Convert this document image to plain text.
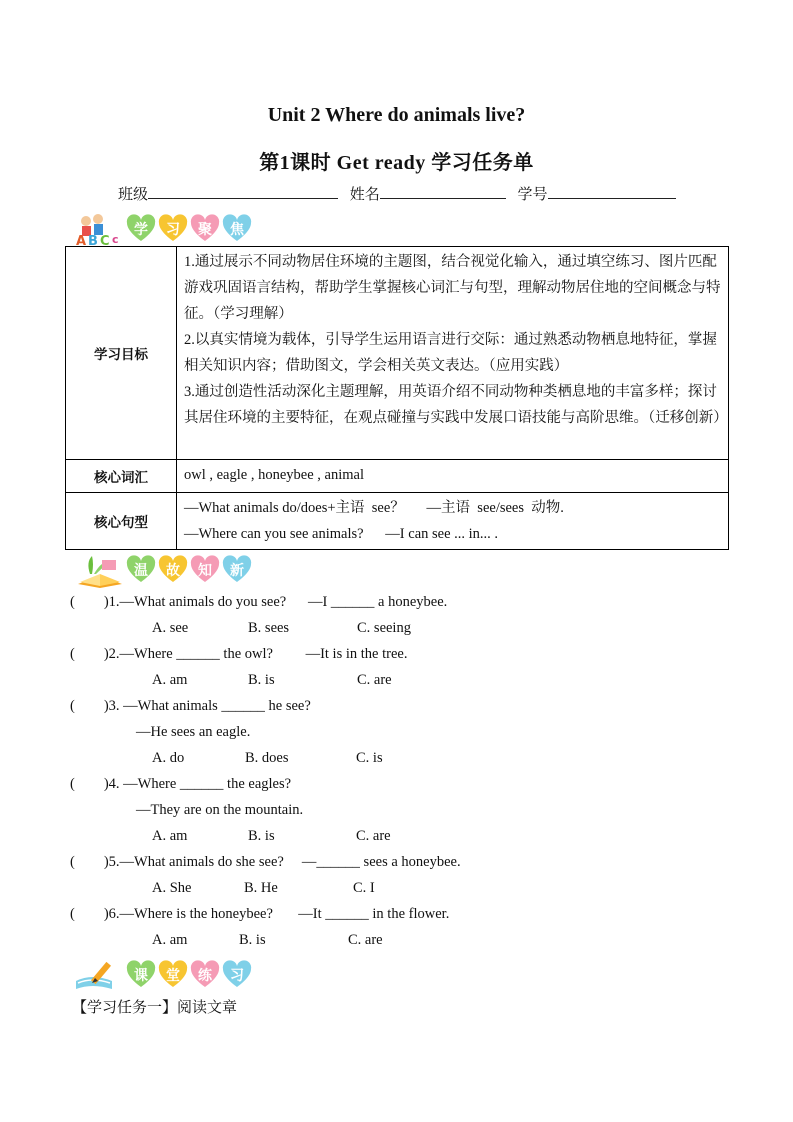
Unit 2 Where do animals live?
第1课时 Get ready 学习任务单
班级	姓名	学号
A B C c
学 习 聚 焦
学习目标	1.通过展示不同动物居住环境的主题图，结合视觉化输入，通过填空练习、图片匹配游戏巩固语言结构，帮助学生掌握核心词汇与句型，理解动物居住地的空间概念与特征。（学习理解）

2.以真实情境为载体，引导学生运用语言进行交际：通过熟悉动物栖息地特征，掌握相关知识内容；借助图文，学会相关英文表达。（应用实践）

3.通过创造性活动深化主题理解，用英语介绍不同动物种类栖息地的丰富多样；探讨其居住环境的主要特征，在观点碰撞与实践中发展口语技能与高阶思维。（迁移创新）

核心词汇	owl , eagle , honeybee , animal
核心句型	—What animals do/does+主语  see？      —主语  see/sees  动物.

—Where can you see animals?      —I can see ... in... .

温 故 知 新
(        )1.—What animals do you see?      —I ______ a honeybee.
A. see	B. sees	C. seeing
(        )2.—Where ______ the owl?         —It is in the tree.
A. am	B. is	C. are
(        )3. —What animals ______ he see?
—He sees an eagle.
A. do	B. does	C. is
(        )4. —Where ______ the eagles?
—They are on the mountain.
A. am	B. is	C. are
(        )5.—What animals do she see?     —______ sees a honeybee.
A. She	B. He	C. I
(        )6.—Where is the honeybee?       —It ______ in the flower.
A. am	B. is	C. are
课 堂 练 习
【学习任务一】阅读文章
